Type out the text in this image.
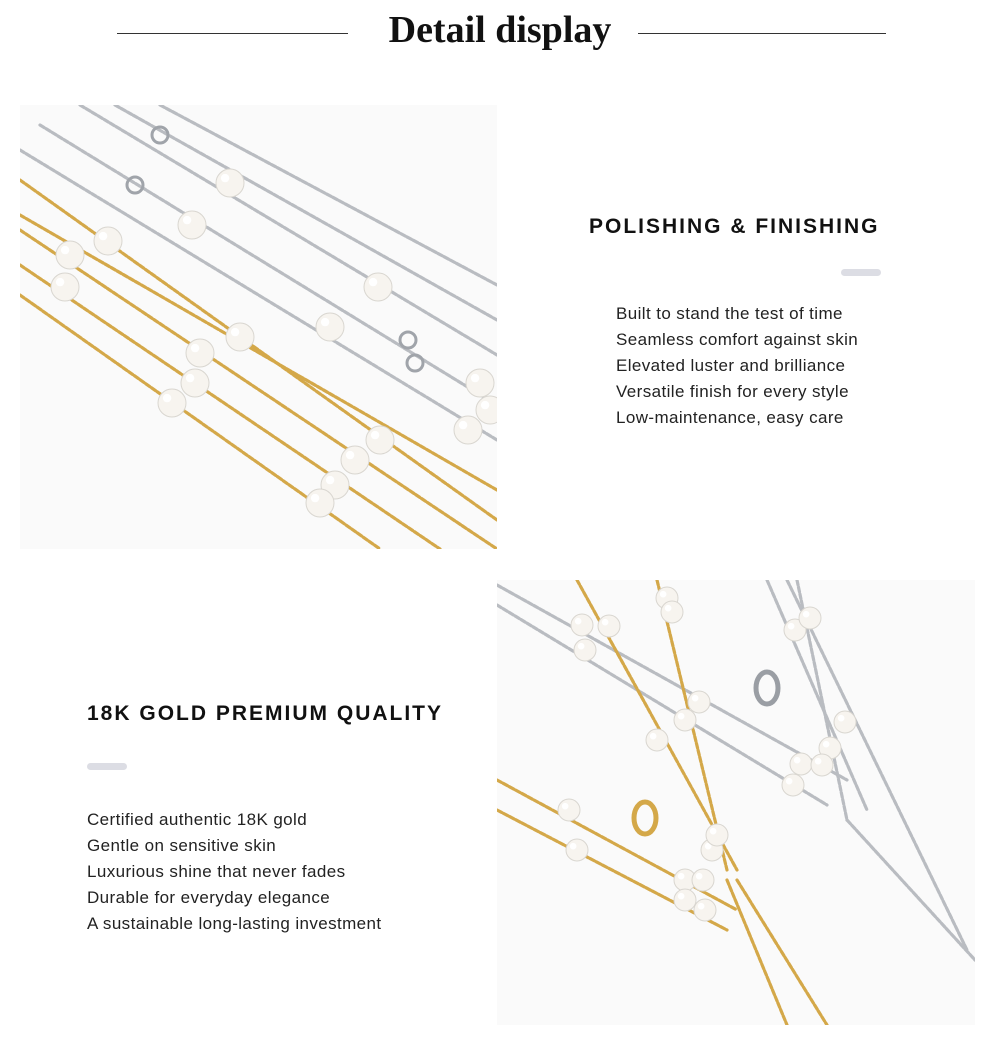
Detail display
POLISHING & FINISHING
Built to stand the test of time
Seamless comfort against skin
Elevated luster and brilliance
Versatile finish for every style
Low-maintenance, easy care
18K GOLD PREMIUM QUALITY
Certified authentic 18K gold
Gentle on sensitive skin
Luxurious shine that never fades
Durable for everyday elegance
A sustainable long-lasting investment
